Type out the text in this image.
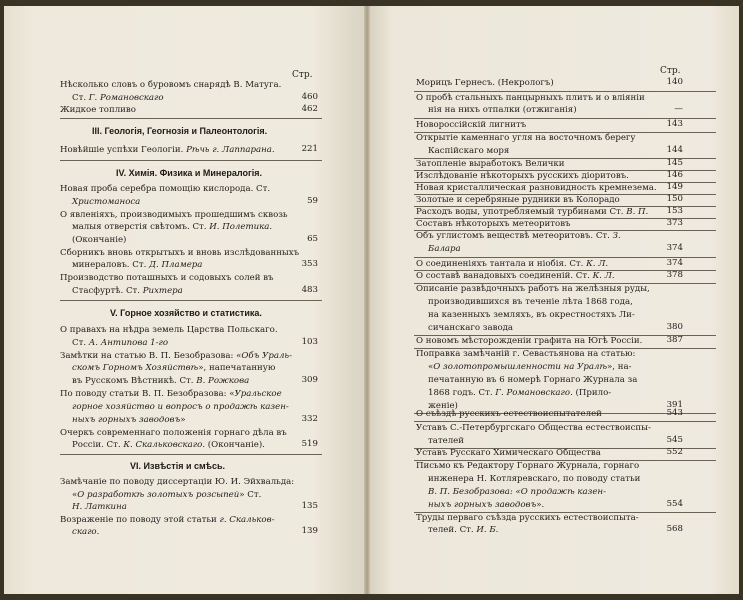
Стр.
Нѣсколько словъ о буровомъ снарядѣ В. Матуга.
Ст. Г. Романовскаго	460
Жидкое топливо	462
III. Геологія, Геогнозія и Палеонтологія.
Новѣйшіе успѣхи Геологіи. Рѣчь г. Лаппарана.	221
IV. Химія. Физика и Минералогія.
Новая проба серебра помощію кислорода. Ст.
Христоманоса	59
О явленіяхъ, производимыхъ прошедшимъ сквозь
малыя отверстія свѣтомъ. Ст. И. Полетика.
(Окончаніе)	65
Сборникъ вновь открытыхъ и вновь изслѣдованныхъ
минераловъ. Ст. Д. Пламера	353
Производство поташныхъ и содовыхъ солей въ
Стасфуртѣ. Ст. Рихтера	483
V. Горное хозяйство и статистика.
О правахъ на нѣдра земель Царства Польскаго.
Ст. А. Антипова 1-го	103
Замѣтки на статью В. П. Безобразова: «Объ Ураль-
скомъ Горномъ Хозяйствѣ», напечатанную
въ Русскомъ Вѣстникѣ. Ст. В. Рожкова	309
По поводу статьи В. П. Безобразова: «Уральское
горное хозяйство и вопросъ о продажѣ казен-
ныхъ горныхъ заводовъ»	332
Очеркъ современнаго положенія горнаго дѣла въ
Россіи. Ст. К. Скальковскаго. (Окончаніе).	519
VI. Извѣстія и смѣсь.
Замѣчаніе по поводу диссертаціи Ю. И. Эйхвальда:
«О разработкѣ золотыхъ розсыпей» Ст.
Н. Латкина	135
Возраженіе по поводу этой статьи г. Скальков-
скаго.	139
Стр.
Морицъ Гернесъ. (Некрологъ)	140
О пробѣ стальныхъ панцырныхъ плитъ и о вліяніи
нія на нихъ отпалки (отжиганія)	—
Новороссійскій лигнитъ	143
Открытіе каменнаго угля на восточномъ берегу
Каспійскаго моря	144
Затопленіе выработокъ Велички	145
Изслѣдованіе нѣкоторыхъ русскихъ діоритовъ.	146
Новая кристаллическая разновидность кремнезема.	149
Золотые и серебряные рудники въ Колорадо	150
Расходъ воды, употребляемый турбинами Ст. В. П.	153
Составъ нѣкоторыхъ метеоритовъ	373
Объ углистомъ веществѣ метеоритовъ. Ст. З.
Балара	374
О соединеніяхъ тантала и ніобія. Ст. К. Л.	374
О составѣ ванадовыхъ соединеній. Ст. К. Л.	378
Описаніе развѣдочныхъ работъ на желѣзныя руды,
производившихся въ теченіе лѣта 1868 года,
на казенныхъ земляхъ, въ окрестностяхъ Ли-
сичанскаго завода	380
О новомъ мѣсторожденіи графита на Югѣ Россіи.	387
Поправка замѣчаній г. Севастьянова на статью:
«О золотопромышленности на Уралѣ», на-
печатанную въ 6 номерѣ Горнаго Журнала за
1868 годъ. Ст. Г. Романовскаго. (Прило-
женіе)	391
О съѣздѣ русскихъ естествоиспытателей	543
Уставъ С.-Петербургскаго Общества естествоиспы-
тателей	545
Уставъ Русскаго Химическаго Общества	552
Письмо къ Редактору Горнаго Журнала, горнаго
инженера Н. Котляревскаго, по поводу статьи
В. П. Безобразова: «О продажѣ казен-
ныхъ горныхъ заводовъ».	554
Труды перваго съѣзда русскихъ естествоиспыта-
телей. Ст. И. Б.	568
